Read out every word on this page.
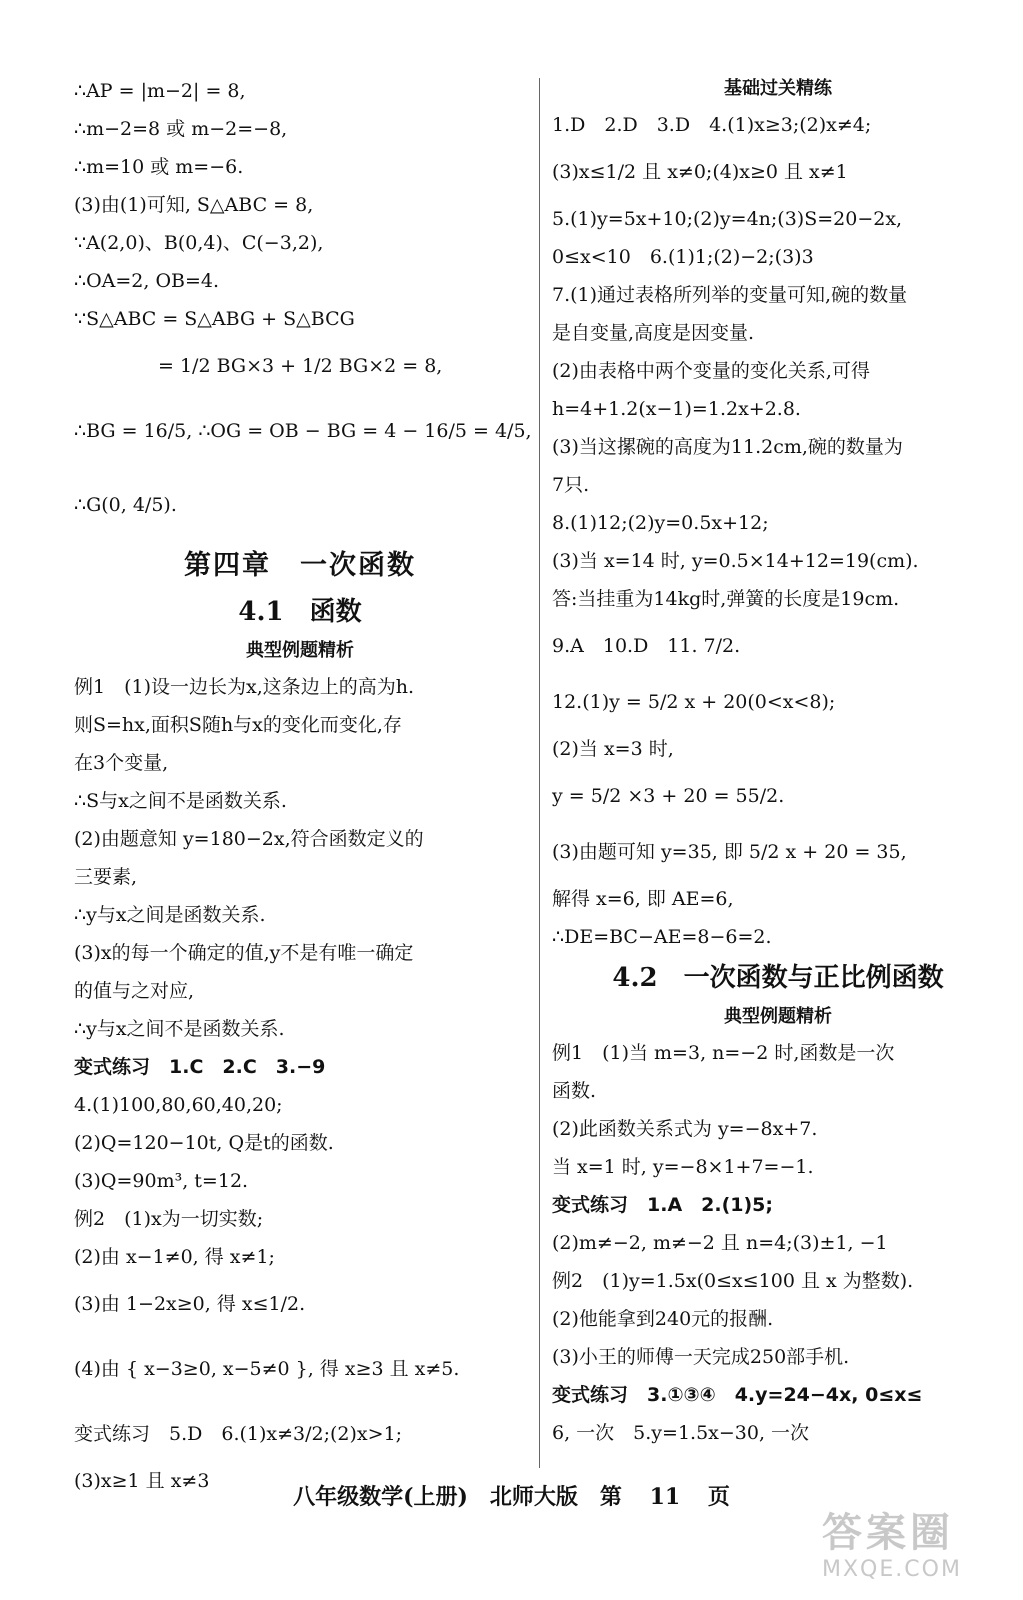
∴AP = |m−2| = 8,
∴m−2=8 或 m−2=−8,
∴m=10 或 m=−6.
(3)由(1)可知, S△ABC = 8,
∵A(2,0)、B(0,4)、C(−3,2),
∴OA=2, OB=4.
∵S△ABC = S△ABG + S△BCG
= 1/2 BG×3 + 1/2 BG×2 = 8,
∴BG = 16/5, ∴OG = OB − BG = 4 − 16/5 = 4/5,
∴G(0, 4/5).
第四章　一次函数
4.1　函数
典型例题精析
例1　(1)设一边长为x,这条边上的高为h.
则S=hx,面积S随h与x的变化而变化,存
在3个变量,
∴S与x之间不是函数关系.
(2)由题意知 y=180−2x,符合函数定义的
三要素,
∴y与x之间是函数关系.
(3)x的每一个确定的值,y不是有唯一确定
的值与之对应,
∴y与x之间不是函数关系.
变式练习　1.C　2.C　3.−9
4.(1)100,80,60,40,20;
(2)Q=120−10t, Q是t的函数.
(3)Q=90m³, t=12.
例2　(1)x为一切实数;
(2)由 x−1≠0, 得 x≠1;
(3)由 1−2x≥0, 得 x≤1/2.
(4)由 { x−3≥0, x−5≠0 }, 得 x≥3 且 x≠5.
变式练习　5.D　6.(1)x≠3/2;(2)x>1;
(3)x≥1 且 x≠3
基础过关精练
1.D　2.D　3.D　4.(1)x≥3;(2)x≠4;
(3)x≤1/2 且 x≠0;(4)x≥0 且 x≠1
5.(1)y=5x+10;(2)y=4n;(3)S=20−2x,
0≤x<10　6.(1)1;(2)−2;(3)3
7.(1)通过表格所列举的变量可知,碗的数量
是自变量,高度是因变量.
(2)由表格中两个变量的变化关系,可得
h=4+1.2(x−1)=1.2x+2.8.
(3)当这摞碗的高度为11.2cm,碗的数量为
7只.
8.(1)12;(2)y=0.5x+12;
(3)当 x=14 时, y=0.5×14+12=19(cm).
答:当挂重为14kg时,弹簧的长度是19cm.
9.A　10.D　11. 7/2.
12.(1)y = 5/2 x + 20(0<x<8);
(2)当 x=3 时,
y = 5/2 ×3 + 20 = 55/2.
(3)由题可知 y=35, 即 5/2 x + 20 = 35,
解得 x=6, 即 AE=6,
∴DE=BC−AE=8−6=2.
4.2　一次函数与正比例函数
典型例题精析
例1　(1)当 m=3, n=−2 时,函数是一次
函数.
(2)此函数关系式为 y=−8x+7.
当 x=1 时, y=−8×1+7=−1.
变式练习　1.A　2.(1)5;
(2)m≠−2, m≠−2 且 n=4;(3)±1, −1
例2　(1)y=1.5x(0≤x≤100 且 x 为整数).
(2)他能拿到240元的报酬.
(3)小王的师傅一天完成250部手机.
变式练习　3.①③④　4.y=24−4x, 0≤x≤
6, 一次　5.y=1.5x−30, 一次
八年级数学(上册)　北师大版　第 11 页
答案圈
MXQE.COM
